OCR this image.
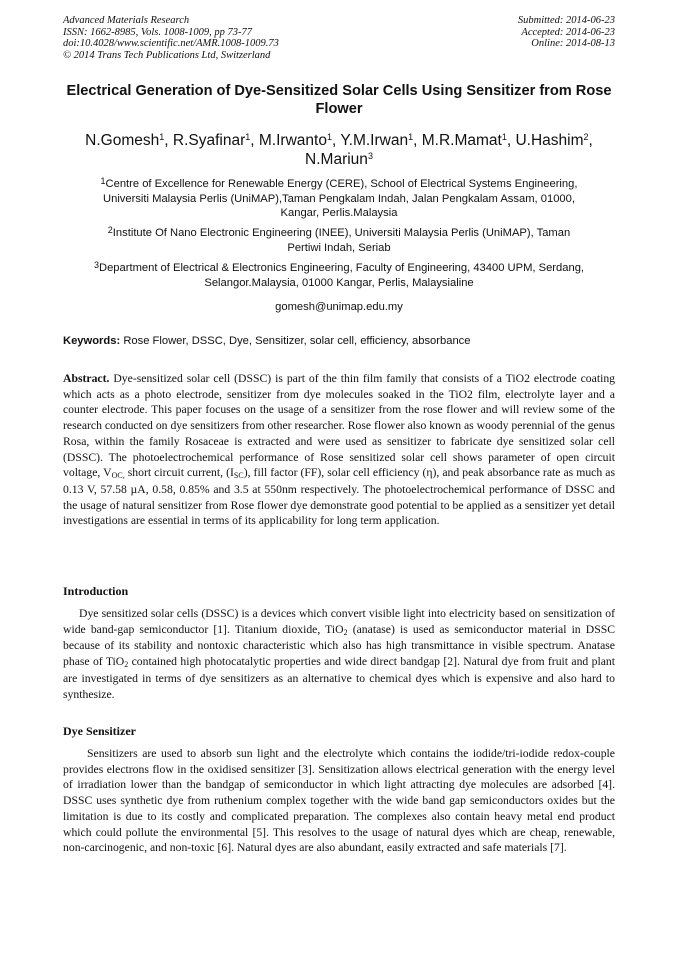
Advanced Materials Research
ISSN: 1662-8985, Vols. 1008-1009, pp 73-77
doi:10.4028/www.scientific.net/AMR.1008-1009.73
© 2014 Trans Tech Publications Ltd, Switzerland
Submitted: 2014-06-23
Accepted: 2014-06-23
Online: 2014-08-13
Electrical Generation of Dye-Sensitized Solar Cells Using Sensitizer from Rose Flower
N.Gomesh$^1$, R.Syafinar$^1$, M.Irwanto$^1$, Y.M.Irwan$^1$, M.R.Mamat$^1$, U.Hashim$^2$,
N.Mariun$^3$
$^1$Centre of Excellence for Renewable Energy (CERE), School of Electrical Systems Engineering,
Universiti Malaysia Perlis (UniMAP),Taman Pengkalam Indah, Jalan Pengkalam Assam, 01000,
Kangar, Perlis.Malaysia
$^2$Institute Of Nano Electronic Engineering (INEE), Universiti Malaysia Perlis (UniMAP), Taman
Pertiwi Indah, Seriab
$^3$Department of Electrical & Electronics Engineering, Faculty of Engineering, 43400 UPM, Serdang,
Selangor.Malaysia, 01000 Kangar, Perlis, Malaysialine
gomesh@unimap.edu.my
Keywords: Rose Flower, DSSC, Dye, Sensitizer, solar cell, efficiency, absorbance
Abstract. Dye-sensitized solar cell (DSSC) is part of the thin film family that consists of a TiO2 electrode coating which acts as a photo electrode, sensitizer from dye molecules soaked in the TiO2 film, electrolyte layer and a counter electrode. This paper focuses on the usage of a sensitizer from the rose flower and will review some of the research conducted on dye sensitizers from other researcher. Rose flower also known as woody perennial of the genus Rosa, within the family Rosaceae is extracted and were used as sensitizer to fabricate dye sensitized solar cell (DSSC). The photoelectrochemical performance of Rose sensitized solar cell shows parameter of open circuit voltage, VOC, short circuit current, (ISC), fill factor (FF), solar cell efficiency (η), and peak absorbance rate as much as 0.13 V, 57.58 µA, 0.58, 0.85% and 3.5 at 550nm respectively. The photoelectrochemical performance of DSSC and the usage of natural sensitizer from Rose flower dye demonstrate good potential to be applied as a sensitizer yet detail investigations are essential in terms of its applicability for long term application.
Introduction
Dye sensitized solar cells (DSSC) is a devices which convert visible light into electricity based on sensitization of wide band-gap semiconductor [1]. Titanium dioxide, TiO2 (anatase) is used as semiconductor material in DSSC because of its stability and nontoxic characteristic which also has high transmittance in visible spectrum. Anatase phase of TiO2 contained high photocatalytic properties and wide direct bandgap [2]. Natural dye from fruit and plant are investigated in terms of dye sensitizers as an alternative to chemical dyes which is expensive and also hard to synthesize.
Dye Sensitizer
Sensitizers are used to absorb sun light and the electrolyte which contains the iodide/tri-iodide redox-couple provides electrons flow in the oxidised sensitizer [3]. Sensitization allows electrical generation with the energy level of irradiation lower than the bandgap of semiconductor in which light attracting dye molecules are adsorbed [4]. DSSC uses synthetic dye from ruthenium complex together with the wide band gap semiconductors oxides but the limitation is due to its costly and complicated preparation. The complexes also contain heavy metal end product which could pollute the environmental [5]. This resolves to the usage of natural dyes which are cheap, renewable, non-carcinogenic, and non-toxic [6]. Natural dyes are also abundant, easily extracted and safe materials [7].
